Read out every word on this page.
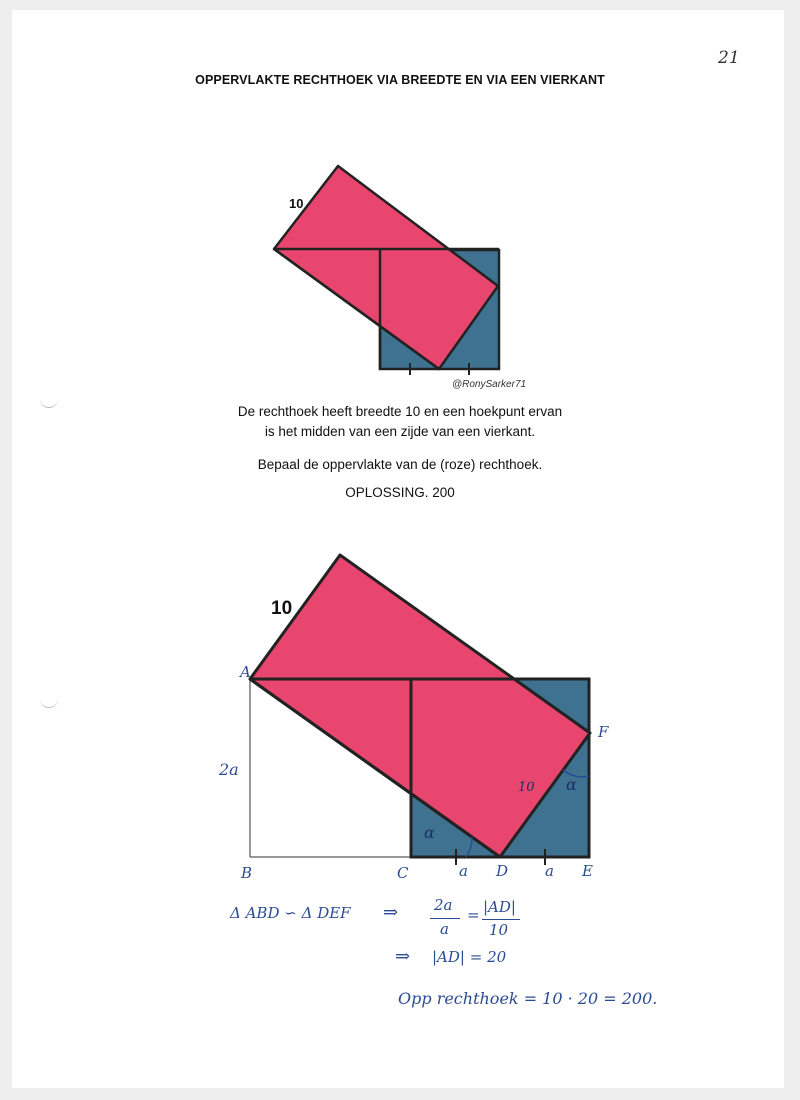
21
OPPERVLAKTE RECHTHOEK VIA BREEDTE EN VIA EEN VIERKANT
10
@RonySarker71
De rechthoek heeft breedte 10 en een hoekpunt ervan
is het midden van een zijde van een vierkant.
Bepaal de oppervlakte van de (roze) rechthoek.
OPLOSSING. 200
10
A
B	C	D	E
F
2a
a	a
10
α
α
Δ ABD ∽ Δ DEF ⇒ 2a
a
= |AD|
10
⇒ |AD| = 20
Opp rechthoek = 10 · 20 = 200.
